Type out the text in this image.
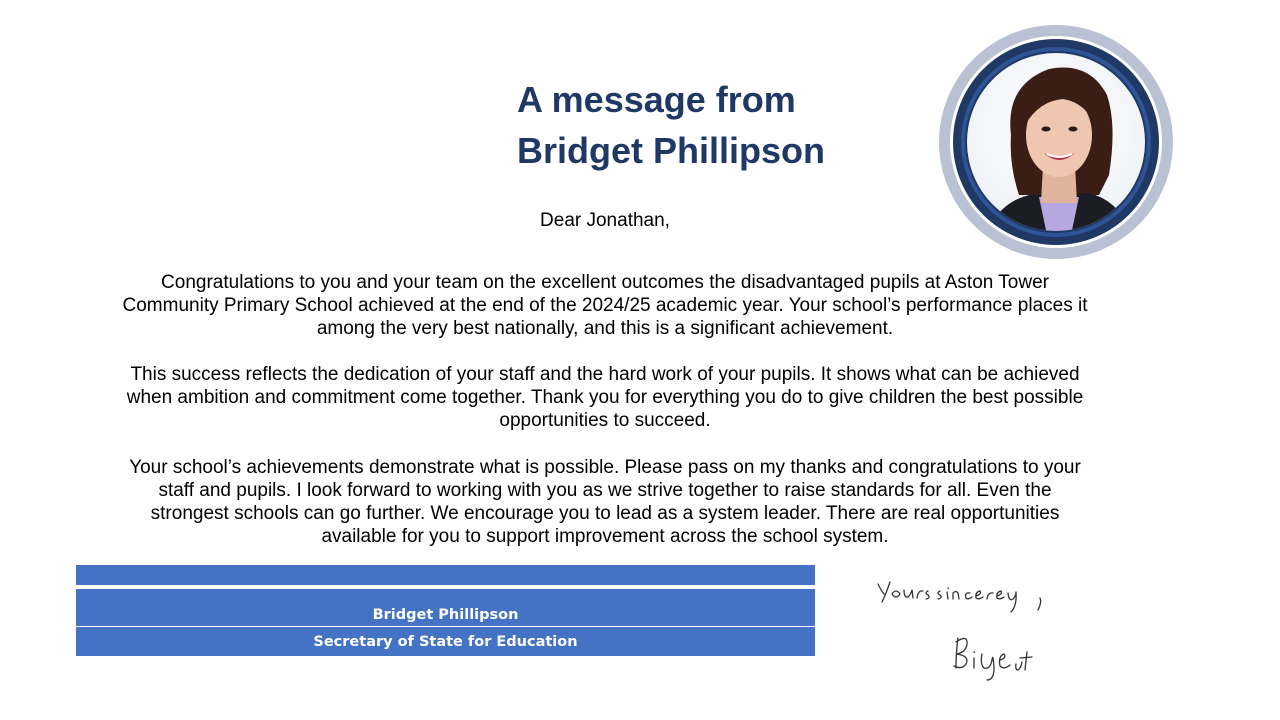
A message from
Bridget Phillipson

Dear Jonathan,

Congratulations to you and your team on the excellent outcomes the disadvantaged pupils at Aston Tower
Community Primary School achieved at the end of the 2024/25 academic year. Your school’s performance places it
among the very best nationally, and this is a significant achievement.

This success reflects the dedication of your staff and the hard work of your pupils. It shows what can be achieved
when ambition and commitment come together. Thank you for everything you do to give children the best possible
opportunities to succeed.

Your school’s achievements demonstrate what is possible. Please pass on my thanks and congratulations to your
staff and pupils. I look forward to working with you as we strive together to raise standards for all. Even the
strongest schools can go further. We encourage you to lead as a system leader. There are real opportunities
available for you to support improvement across the school system.

Bridget Phillipson
Secretary of State for Education
